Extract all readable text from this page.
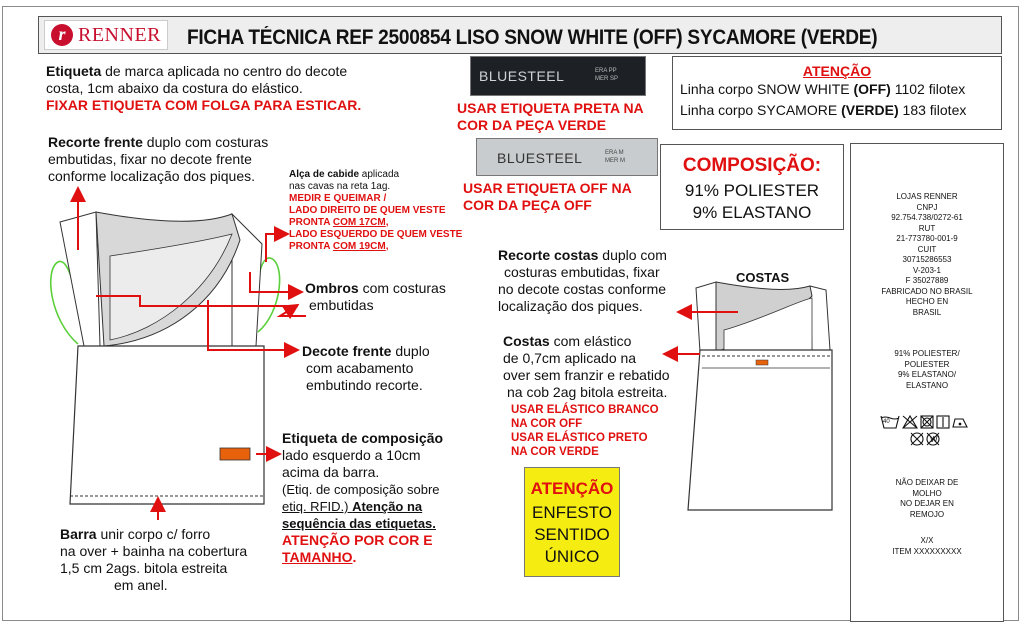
r RENNER FICHA TÉCNICA REF 2500854 LISO SNOW WHITE (OFF) SYCAMORE (VERDE)
Etiqueta de marca aplicada no centro do decote
costa, 1cm abaixo da costura do elástico.
FIXAR ETIQUETA COM FOLGA PARA ESTICAR.
BLUESTEEL	ERA PP
MER SP
USAR ETIQUETA PRETA NA
COR DA PEÇA VERDE
BLUESTEEL	ERA M
MER M
USAR ETIQUETA OFF NA
COR DA PEÇA OFF
ATENÇÃO
Linha corpo SNOW WHITE (OFF) 1102 filotex
Linha corpo SYCAMORE (VERDE) 183 filotex
COMPOSIÇÃO:
91% POLIESTER
9% ELASTANO
Recorte frente duplo com costuras
embutidas, fixar no decote frente
conforme localização dos piques.	Alça de cabide aplicada
nas cavas na reta 1ag.
MEDIR E QUEIMAR /
LADO DIREITO DE QUEM VESTE
PRONTA COM 17CM,
LADO ESQUERDO DE QUEM VESTE
PRONTA COM 19CM,
Ombros com costuras
embutidas
Decote frente duplo
com acabamento
embutindo recorte.
Etiqueta de composição
lado esquerdo a 10cm
acima da barra.
(Etiq. de composição sobre
etiq. RFID.) Atenção na
sequência das etiquetas.
ATENÇÃO POR COR E
TAMANHO.
Barra unir corpo c/ forro
na over + bainha na cobertura
1,5 cm 2ags. bitola estreita
em anel.
Recorte costas duplo com
costuras embutidas, fixar
no decote costas conforme
localização dos piques.
COSTAS
Costas com elástico
de 0,7cm aplicado na
over sem franzir e rebatido
na cob 2ag bitola estreita.
USAR ELÁSTICO BRANCO
NA COR OFF
USAR ELÁSTICO PRETO
NA COR VERDE
ATENÇÃO
ENFESTO
SENTIDO
ÚNICO
LOJAS RENNER
CNPJ
92.754.738/0272-61
RUT
21-773780-001-9
CUIT
30715286553
V-203-1
F 35027889
FABRICADO NO BRASIL
HECHO EN
BRASIL
91% POLIESTER/
POLIESTER
9% ELASTANO/
ELASTANO
W
40
NÃO DEIXAR DE
MOLHO
NO DEJAR EN
REMOJO
X/X
ITEM XXXXXXXXX
